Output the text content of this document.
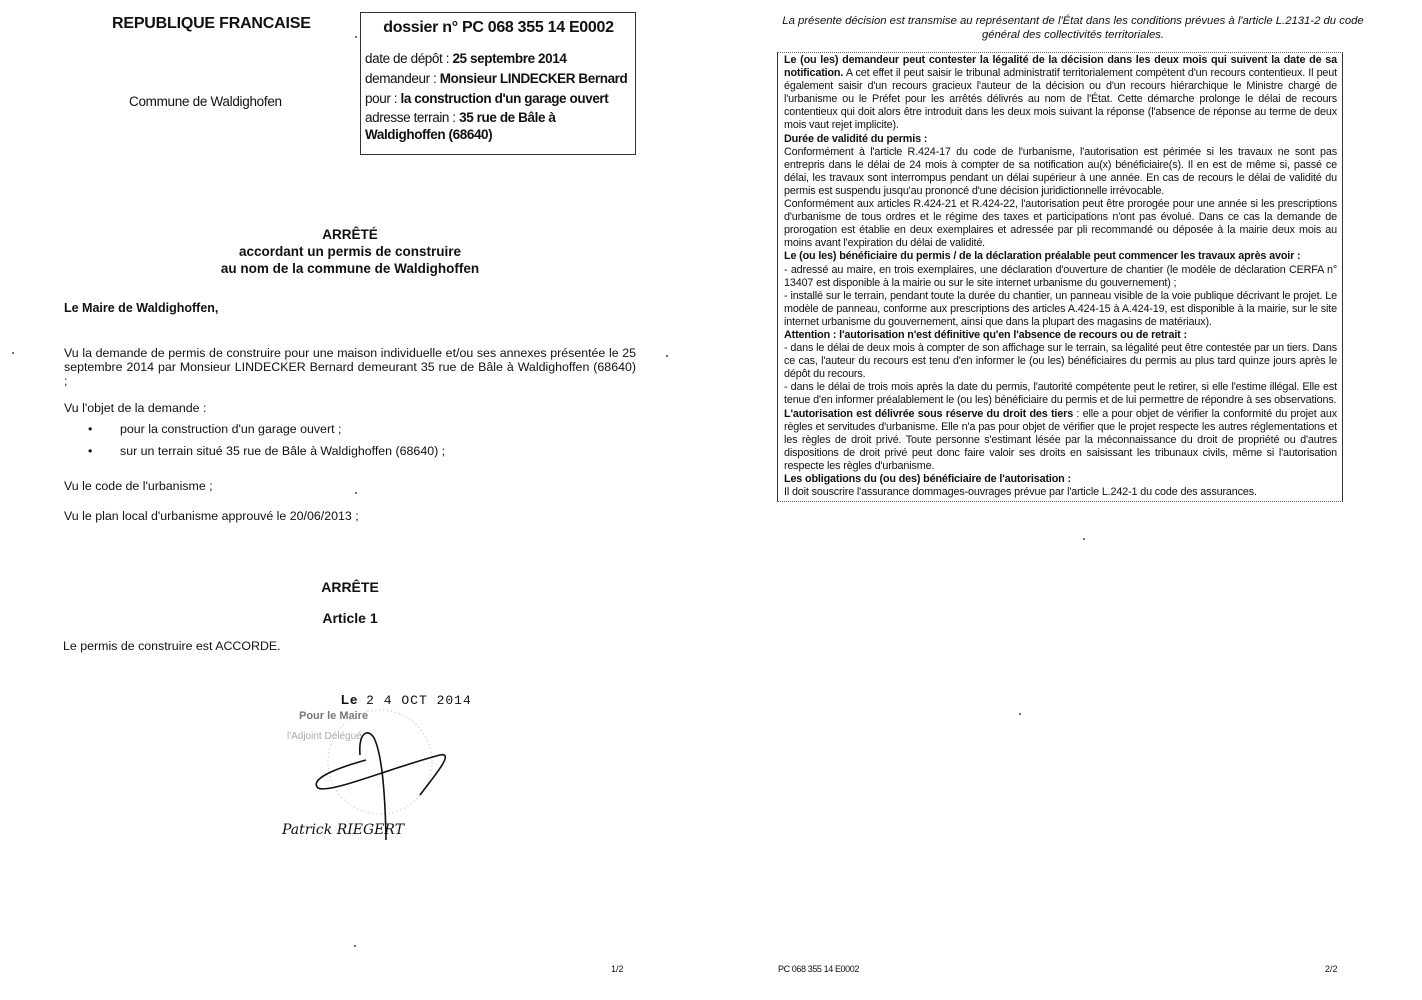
REPUBLIQUE FRANCAISE
Commune de Waldighofen
dossier n° PC 068 355 14 E0002
date de dépôt : 25 septembre 2014
demandeur : Monsieur LINDECKER Bernard
pour : la construction d'un garage ouvert
adresse terrain : 35 rue de Bâle à Waldighoffen (68640)
ARRÊTÉ
accordant un permis de construire
au nom de la commune de Waldighoffen
Le Maire de Waldighoffen,
Vu la demande de permis de construire pour une maison individuelle et/ou ses annexes présentée le 25 septembre 2014 par Monsieur LINDECKER Bernard demeurant 35 rue de Bâle à Waldighoffen (68640) ;
Vu l'objet de la demande :
•	pour la construction d'un garage ouvert ;
•	sur un terrain situé 35 rue de Bâle à Waldighoffen (68640) ;
Vu le code de l'urbanisme ;
Vu le plan local d'urbanisme approuvé le 20/06/2013 ;
ARRÊTE
Article 1
Le permis de construire est ACCORDE.
Le 2 4 OCT 2014
Pour le Maire
l'Adjoint Délégué
Patrick RIEGERT
1/2
La présente décision est transmise au représentant de l'État dans les conditions prévues à l'article L.2131-2 du code général des collectivités territoriales.

Le (ou les) demandeur peut contester la légalité de la décision dans les deux mois qui suivent la date de sa notification. A cet effet il peut saisir le tribunal administratif territorialement compétent d'un recours contentieux. Il peut également saisir d'un recours gracieux l'auteur de la décision ou d'un recours hiérarchique le Ministre chargé de l'urbanisme ou le Préfet pour les arrêtés délivrés au nom de l'État. Cette démarche prolonge le délai de recours contentieux qui doit alors être introduit dans les deux mois suivant la réponse (l'absence de réponse au terme de deux mois vaut rejet implicite).

Durée de validité du permis :

Conformément à l'article R.424-17 du code de l'urbanisme, l'autorisation est périmée si les travaux ne sont pas entrepris dans le délai de 24 mois à compter de sa notification au(x) bénéficiaire(s). Il en est de même si, passé ce délai, les travaux sont interrompus pendant un délai supérieur à une année. En cas de recours le délai de validité du permis est suspendu jusqu'au prononcé d'une décision juridictionnelle irrévocable.

Conformément aux articles R.424-21 et R.424-22, l'autorisation peut être prorogée pour une année si les prescriptions d'urbanisme de tous ordres et le régime des taxes et participations n'ont pas évolué. Dans ce cas la demande de prorogation est établie en deux exemplaires et adressée par pli recommandé ou déposée à la mairie deux mois au moins avant l'expiration du délai de validité.

Le (ou les) bénéficiaire du permis / de la déclaration préalable peut commencer les travaux après avoir :

- adressé au maire, en trois exemplaires, une déclaration d'ouverture de chantier (le modèle de déclaration CERFA n° 13407 est disponible à la mairie ou sur le site internet urbanisme du gouvernement) ;

- installé sur le terrain, pendant toute la durée du chantier, un panneau visible de la voie publique décrivant le projet. Le modèle de panneau, conforme aux prescriptions des articles A.424-15 à A.424-19, est disponible à la mairie, sur le site internet urbanisme du gouvernement, ainsi que dans la plupart des magasins de matériaux).

Attention : l'autorisation n'est définitive qu'en l'absence de recours ou de retrait :

- dans le délai de deux mois à compter de son affichage sur le terrain, sa légalité peut être contestée par un tiers. Dans ce cas, l'auteur du recours est tenu d'en informer le (ou les) bénéficiaires du permis au plus tard quinze jours après le dépôt du recours.

- dans le délai de trois mois après la date du permis, l'autorité compétente peut le retirer, si elle l'estime illégal. Elle est tenue d'en informer préalablement le (ou les) bénéficiaire du permis et de lui permettre de répondre à ses observations.

L'autorisation est délivrée sous réserve du droit des tiers : elle a pour objet de vérifier la conformité du projet aux règles et servitudes d'urbanisme. Elle n'a pas pour objet de vérifier que le projet respecte les autres réglementations et les règles de droit privé. Toute personne s'estimant lésée par la méconnaissance du droit de propriété ou d'autres dispositions de droit privé peut donc faire valoir ses droits en saisissant les tribunaux civils, même si l'autorisation respecte les règles d'urbanisme.

Les obligations du (ou des) bénéficiaire de l'autorisation :

Il doit souscrire l'assurance dommages-ouvrages prévue par l'article L.242-1 du code des assurances.

PC 068 355 14 E0002	2/2
